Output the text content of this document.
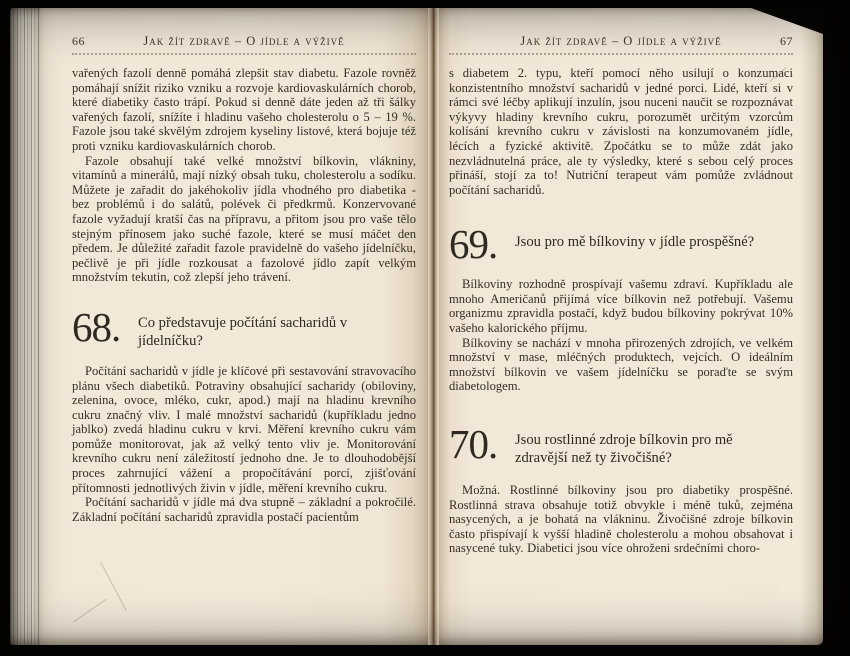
66	Jak žít zdravě – O jídle a výživě

vařených fazolí denně pomáhá zlepšit stav diabetu. Fazole rovněž pomáhají snížit riziko vzniku a rozvoje kardiovaskulárních chorob, které diabetiky často trápí. Pokud si denně dáte jeden až tři šálky vařených fazolí, snížíte i hladinu vašeho cholesterolu o 5 – 19 %. Fazole jsou také skvělým zdrojem kyseliny listové, která bojuje též proti vzniku kardiovaskulárních chorob.

Fazole obsahují také velké množství bílkovin, vlákniny, vitamínů a minerálů, mají nízký obsah tuku, cholesterolu a sodíku. Můžete je zařadit do jakéhokoliv jídla vhodného pro diabetika - bez problémů i do salátů, polévek či předkrmů. Konzervované fazole vyžadují kratší čas na přípravu, a přitom jsou pro vaše tělo stejným přínosem jako suché fazole, které se musí máčet den předem. Je důležité zařadit fazole pravidelně do vašeho jídelníčku, pečlivě je při jídle rozkousat a fazolové jídlo zapít velkým množstvím tekutin, což zlepší jeho trávení.

68.	Co představuje počítání sacharidů v jídelníčku?

Počítání sacharidů v jídle je klíčové při sestavování stravovacího plánu všech diabetiků. Potraviny obsahující sacharidy (obiloviny, zelenina, ovoce, mléko, cukr, apod.) mají na hladinu krevního cukru značný vliv. I malé množství sacharidů (kupříkladu jedno jablko) zvedá hladinu cukru v krvi. Měření krevního cukru vám pomůže monitorovat, jak až velký tento vliv je. Monitorování krevního cukru není záležitostí jednoho dne. Je to dlouhodobější proces zahrnující vážení a propočítávání porcí, zjišťování přítomnosti jednotlivých živin v jídle, měření krevního cukru.

Počítání sacharidů v jídle má dva stupně – základní a pokročilé. Základní počítání sacharidů zpravidla postačí pacientům

Jak žít zdravě – O jídle a výživě	67

s diabetem 2. typu, kteří pomocí něho usilují o konzumaci konzistentního množství sacharidů v jedné porci. Lidé, kteří si v rámci své léčby aplikují inzulín, jsou nuceni naučit se rozpoznávat výkyvy hladiny krevního cukru, porozumět určitým vzorcům kolísání krevního cukru v závislosti na konzumovaném jídle, lécích a fyzické aktivitě. Zpočátku se to může zdát jako nezvládnutelná práce, ale ty výsledky, které s sebou celý proces přináší, stojí za to! Nutriční terapeut vám pomůže zvládnout počítání sacharidů.

69.	Jsou pro mě bílkoviny v jídle prospěšné?

Bílkoviny rozhodně prospívají vašemu zdraví. Kupříkladu ale mnoho Američanů přijímá více bílkovin než potřebují. Vašemu organizmu zpravidla postačí, když budou bílkoviny pokrývat 10% vašeho kalorického příjmu.

Bílkoviny se nachází v mnoha přirozených zdrojích, ve velkém množství v mase, mléčných produktech, vejcích. O ideálním množství bílkovin ve vašem jídelníčku se poraďte se svým diabetologem.

70.	Jsou rostlinné zdroje bílkovin pro mě zdravější než ty živočišné?

Možná. Rostlinné bílkoviny jsou pro diabetiky prospěšné. Rostlinná strava obsahuje totiž obvykle i méně tuků, zejména nasycených, a je bohatá na vlákninu. Živočišné zdroje bílkovin často přispívají k vyšší hladině cholesterolu a mohou obsahovat i nasycené tuky. Diabetici jsou více ohroženi srdečními choro-
